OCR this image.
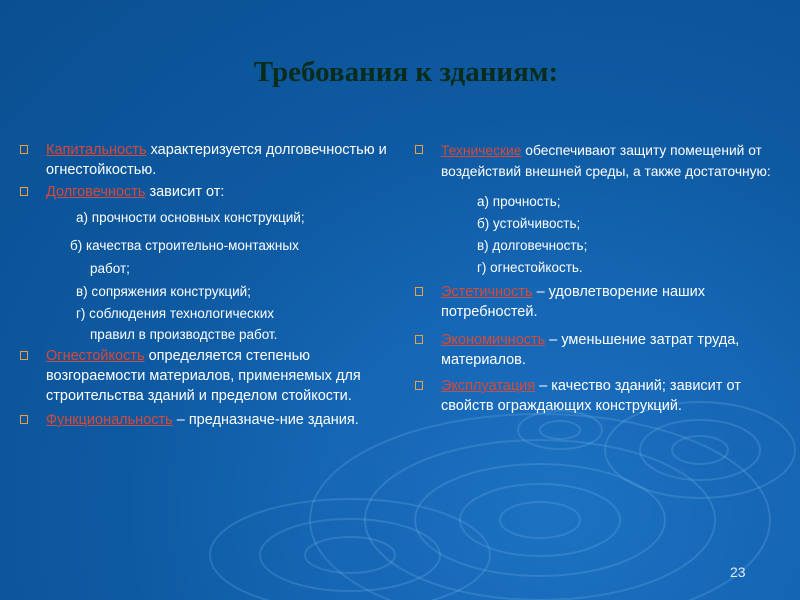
Требования к зданиям:
Капитальность характеризуется долговечностью и огнестойкостью.
Долговечность зависит от:
а) прочности основных конструкций;
б) качества строительно-монтажных
работ;
в) сопряжения конструкций;
г) соблюдения технологических
правил в производстве работ.
Огнестойкость определяется степенью возгораемости материалов, применяемых для строительства зданий и пределом стойкости.
Функциональность – предназначе-ние здания.
Технические обеспечивают защиту помещений от воздействий внешней среды, а также достаточную:
а) прочность;
б) устойчивость;
в) долговечность;
г) огнестойкость.
Эстетичность – удовлетворение наших потребностей.
Экономичность – уменьшение затрат труда, материалов.
Эксплуатация – качество зданий; зависит от свойств ограждающих конструкций.
23
